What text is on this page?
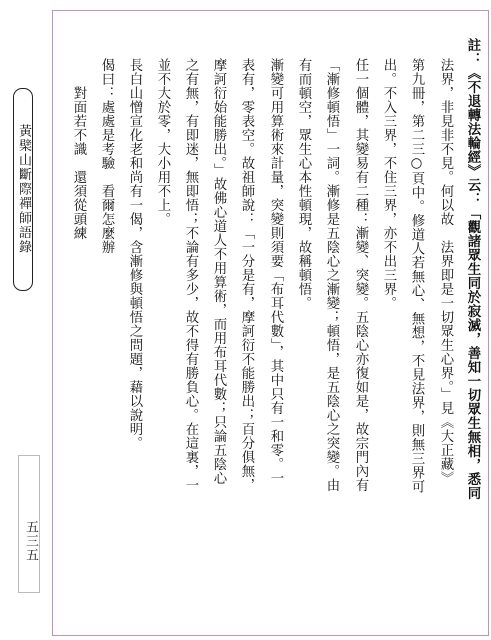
黃檗山斷際禪師語錄
五三五
註：《不退轉法輪經》云：「觀諸眾生同於寂滅，善知一切眾生無相，悉同
法界，非見非不見。何以故　法界即是一切眾生心界。」見《大正藏》
第九冊，第二三○頁中。修道人若無心、無想，不見法界，則無三界可
出。不入三界，不住三界，亦不出三界。
任一個體，其變易有二種：漸變、突變。五陰心亦復如是，故宗門內有
「漸修頓悟」一詞。漸修是五陰心之漸變；頓悟，是五陰心之突變。由
有而頓空，眾生心本性頓現，故稱頓悟。
漸變可用算術來計量，突變則須要「布耳代數」，其中只有一和零。一
表有，零表空。故祖師說：「一分是有，摩訶衍不能勝出；百分俱無，
摩訶衍始能勝出。」故佛心道人不用算術，而用布耳代數；只論五陰心
之有無，有即迷，無即悟；不論有多少，故不得有勝負心。在這裏，一
並不大於零，大小用不上。
長白山憎宣化老和尚有一偈，含漸修與頓悟之問題，藉以說明。
偈曰：處處是考驗　看爾怎麼辦
　　對面若不識　還須從頭練
